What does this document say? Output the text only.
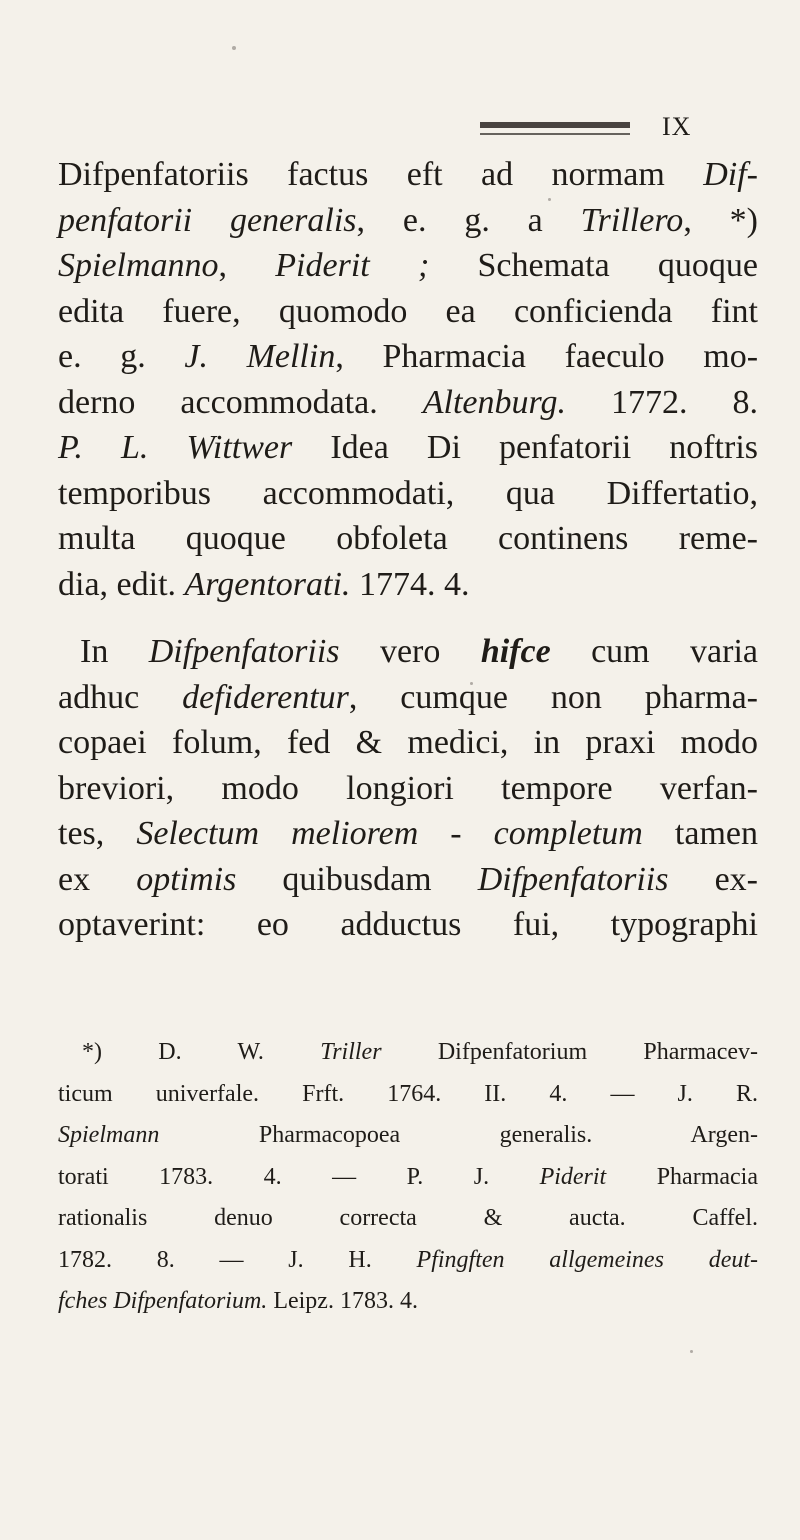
IX
Difpenfatoriis factus eft ad normam Dif-
penfatorii generalis, e. g. a Trillero, *)
Spielmanno, Piderit ; Schemata quoque
edita fuere, quomodo ea conficienda fint
e. g. J. Mellin, Pharmacia faeculo mo-
derno accommodata. Altenburg. 1772. 8.
P. L. Wittwer Idea Di penfatorii noftris
temporibus accommodati, qua Differtatio,
multa quoque obfoleta continens reme-
dia, edit. Argentorati. 1774. 4.
In Difpenfatoriis vero hifce cum varia
adhuc defiderentur, cumque non pharma-
copaei folum, fed & medici, in praxi modo
breviori, modo longiori tempore verfan-
tes, Selectum meliorem - completum tamen
ex optimis quibusdam Difpenfatoriis ex-
optaverint: eo adductus fui, typographi
*) D. W. Triller Difpenfatorium Pharmacev-
ticum univerfale. Frft. 1764. II. 4. — J. R.
Spielmann Pharmacopoea generalis. Argen-
torati 1783. 4. — P. J. Piderit Pharmacia
rationalis denuo correcta & aucta. Caffel.
1782. 8. — J. H. Pfingften allgemeines deut-
fches Difpenfatorium. Leipz. 1783. 4.
